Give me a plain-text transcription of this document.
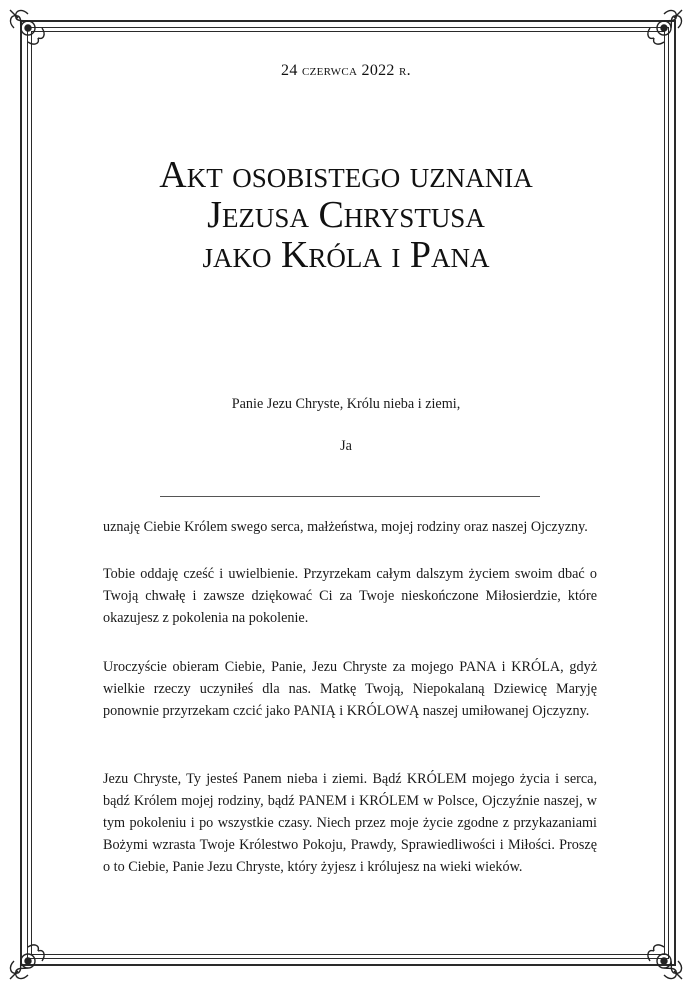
24 czerwca 2022 r.
Akt osobistego uznania
Jezusa Chrystusa
jako Króla i Pana
Panie Jezu Chryste, Królu nieba i ziemi,
Ja
uznaję Ciebie Królem swego serca, małżeństwa, mojej rodziny oraz naszej Ojczyzny.
Tobie oddaję cześć i uwielbienie. Przyrzekam całym dalszym życiem swoim dbać o Twoją chwałę i zawsze dziękować Ci za Twoje nieskończone Miłosierdzie, które okazujesz z pokolenia na pokolenie.
Uroczyście obieram Ciebie, Panie, Jezu Chryste za mojego PANA i KRÓLA, gdyż wielkie rzeczy uczyniłeś dla nas. Matkę Twoją, Niepokalaną Dziewicę Maryję ponownie przyrzekam czcić jako PANIĄ i KRÓLOWĄ naszej umiłowanej Ojczyzny.
Jezu Chryste, Ty jesteś Panem nieba i ziemi. Bądź KRÓLEM mojego życia i serca, bądź Królem mojej rodziny, bądź PANEM i KRÓLEM w Polsce, Ojczyźnie naszej, w tym pokoleniu i po wszystkie czasy. Niech przez moje życie zgodne z przykazaniami Bożymi wzrasta Twoje Królestwo Pokoju, Prawdy, Sprawiedliwości i Miłości. Proszę o to Ciebie, Panie Jezu Chryste, który żyjesz i królujesz na wieki wieków.
